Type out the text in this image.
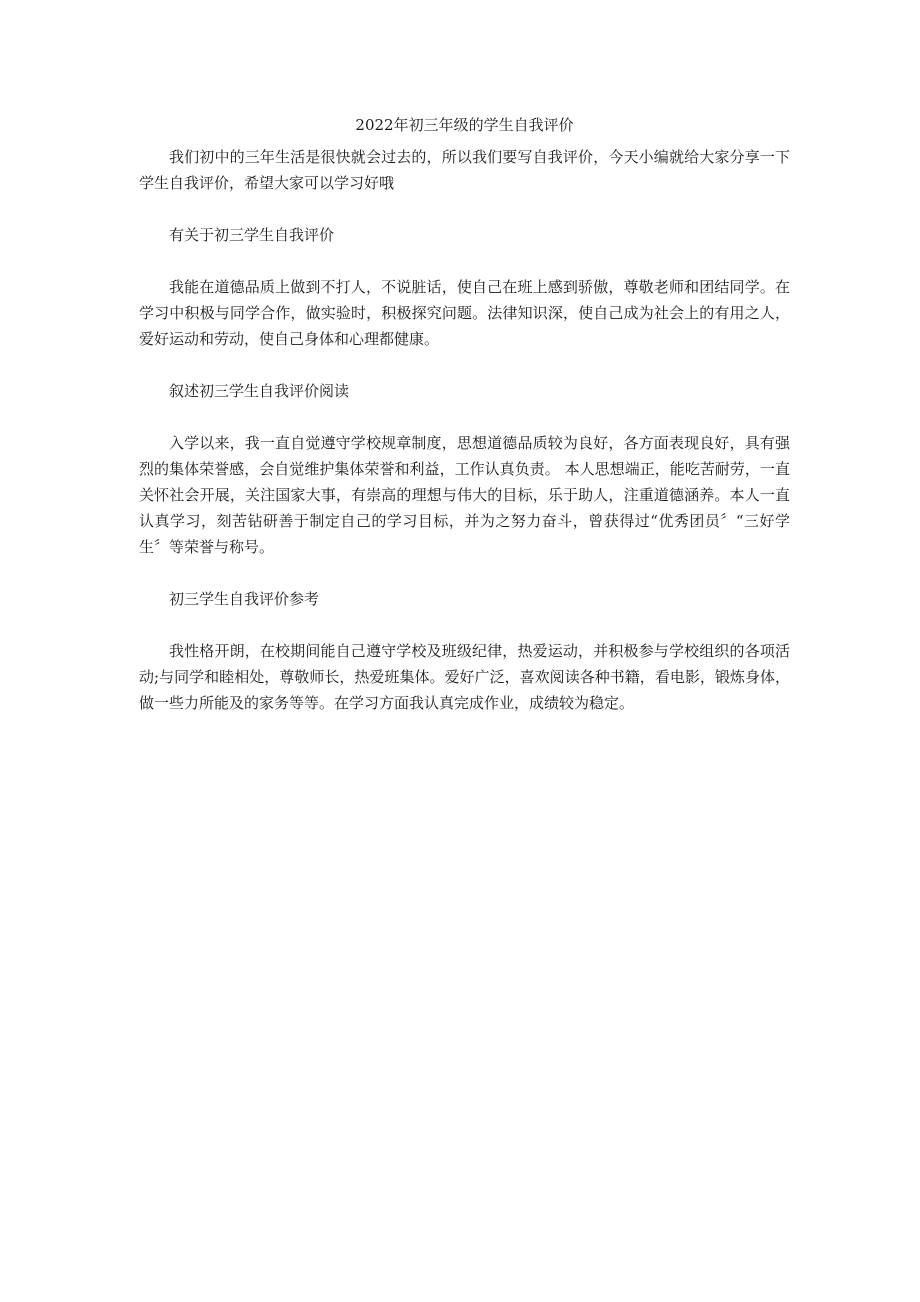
2022年初三年级的学生自我评价

我们初中的三年生活是很快就会过去的，所以我们要写自我评价，今天小编就给大家分享一下学生自我评价，希望大家可以学习好哦

有关于初三学生自我评价

我能在道德品质上做到不打人，不说脏话，使自己在班上感到骄傲，尊敬老师和团结同学。在学习中积极与同学合作，做实验时，积极探究问题。法律知识深，使自己成为社会上的有用之人，爱好运动和劳动，使自己身体和心理都健康。

叙述初三学生自我评价阅读

入学以来，我一直自觉遵守学校规章制度，思想道德品质较为良好，各方面表现良好，具有强烈的集体荣誉感，会自觉维护集体荣誉和利益，工作认真负责。 本人思想端正，能吃苦耐劳，一直关怀社会开展，关注国家大事，有崇高的理想与伟大的目标，乐于助人，注重道德涵养。本人一直认真学习，刻苦钻研善于制定自己的学习目标，并为之努力奋斗，曾获得过“优秀团员〞“三好学生〞等荣誉与称号。

初三学生自我评价参考

我性格开朗，在校期间能自己遵守学校及班级纪律，热爱运动，并积极参与学校组织的各项活动;与同学和睦相处，尊敬师长，热爱班集体。爱好广泛，喜欢阅读各种书籍，看电影，锻炼身体，做一些力所能及的家务等等。在学习方面我认真完成作业，成绩较为稳定。
